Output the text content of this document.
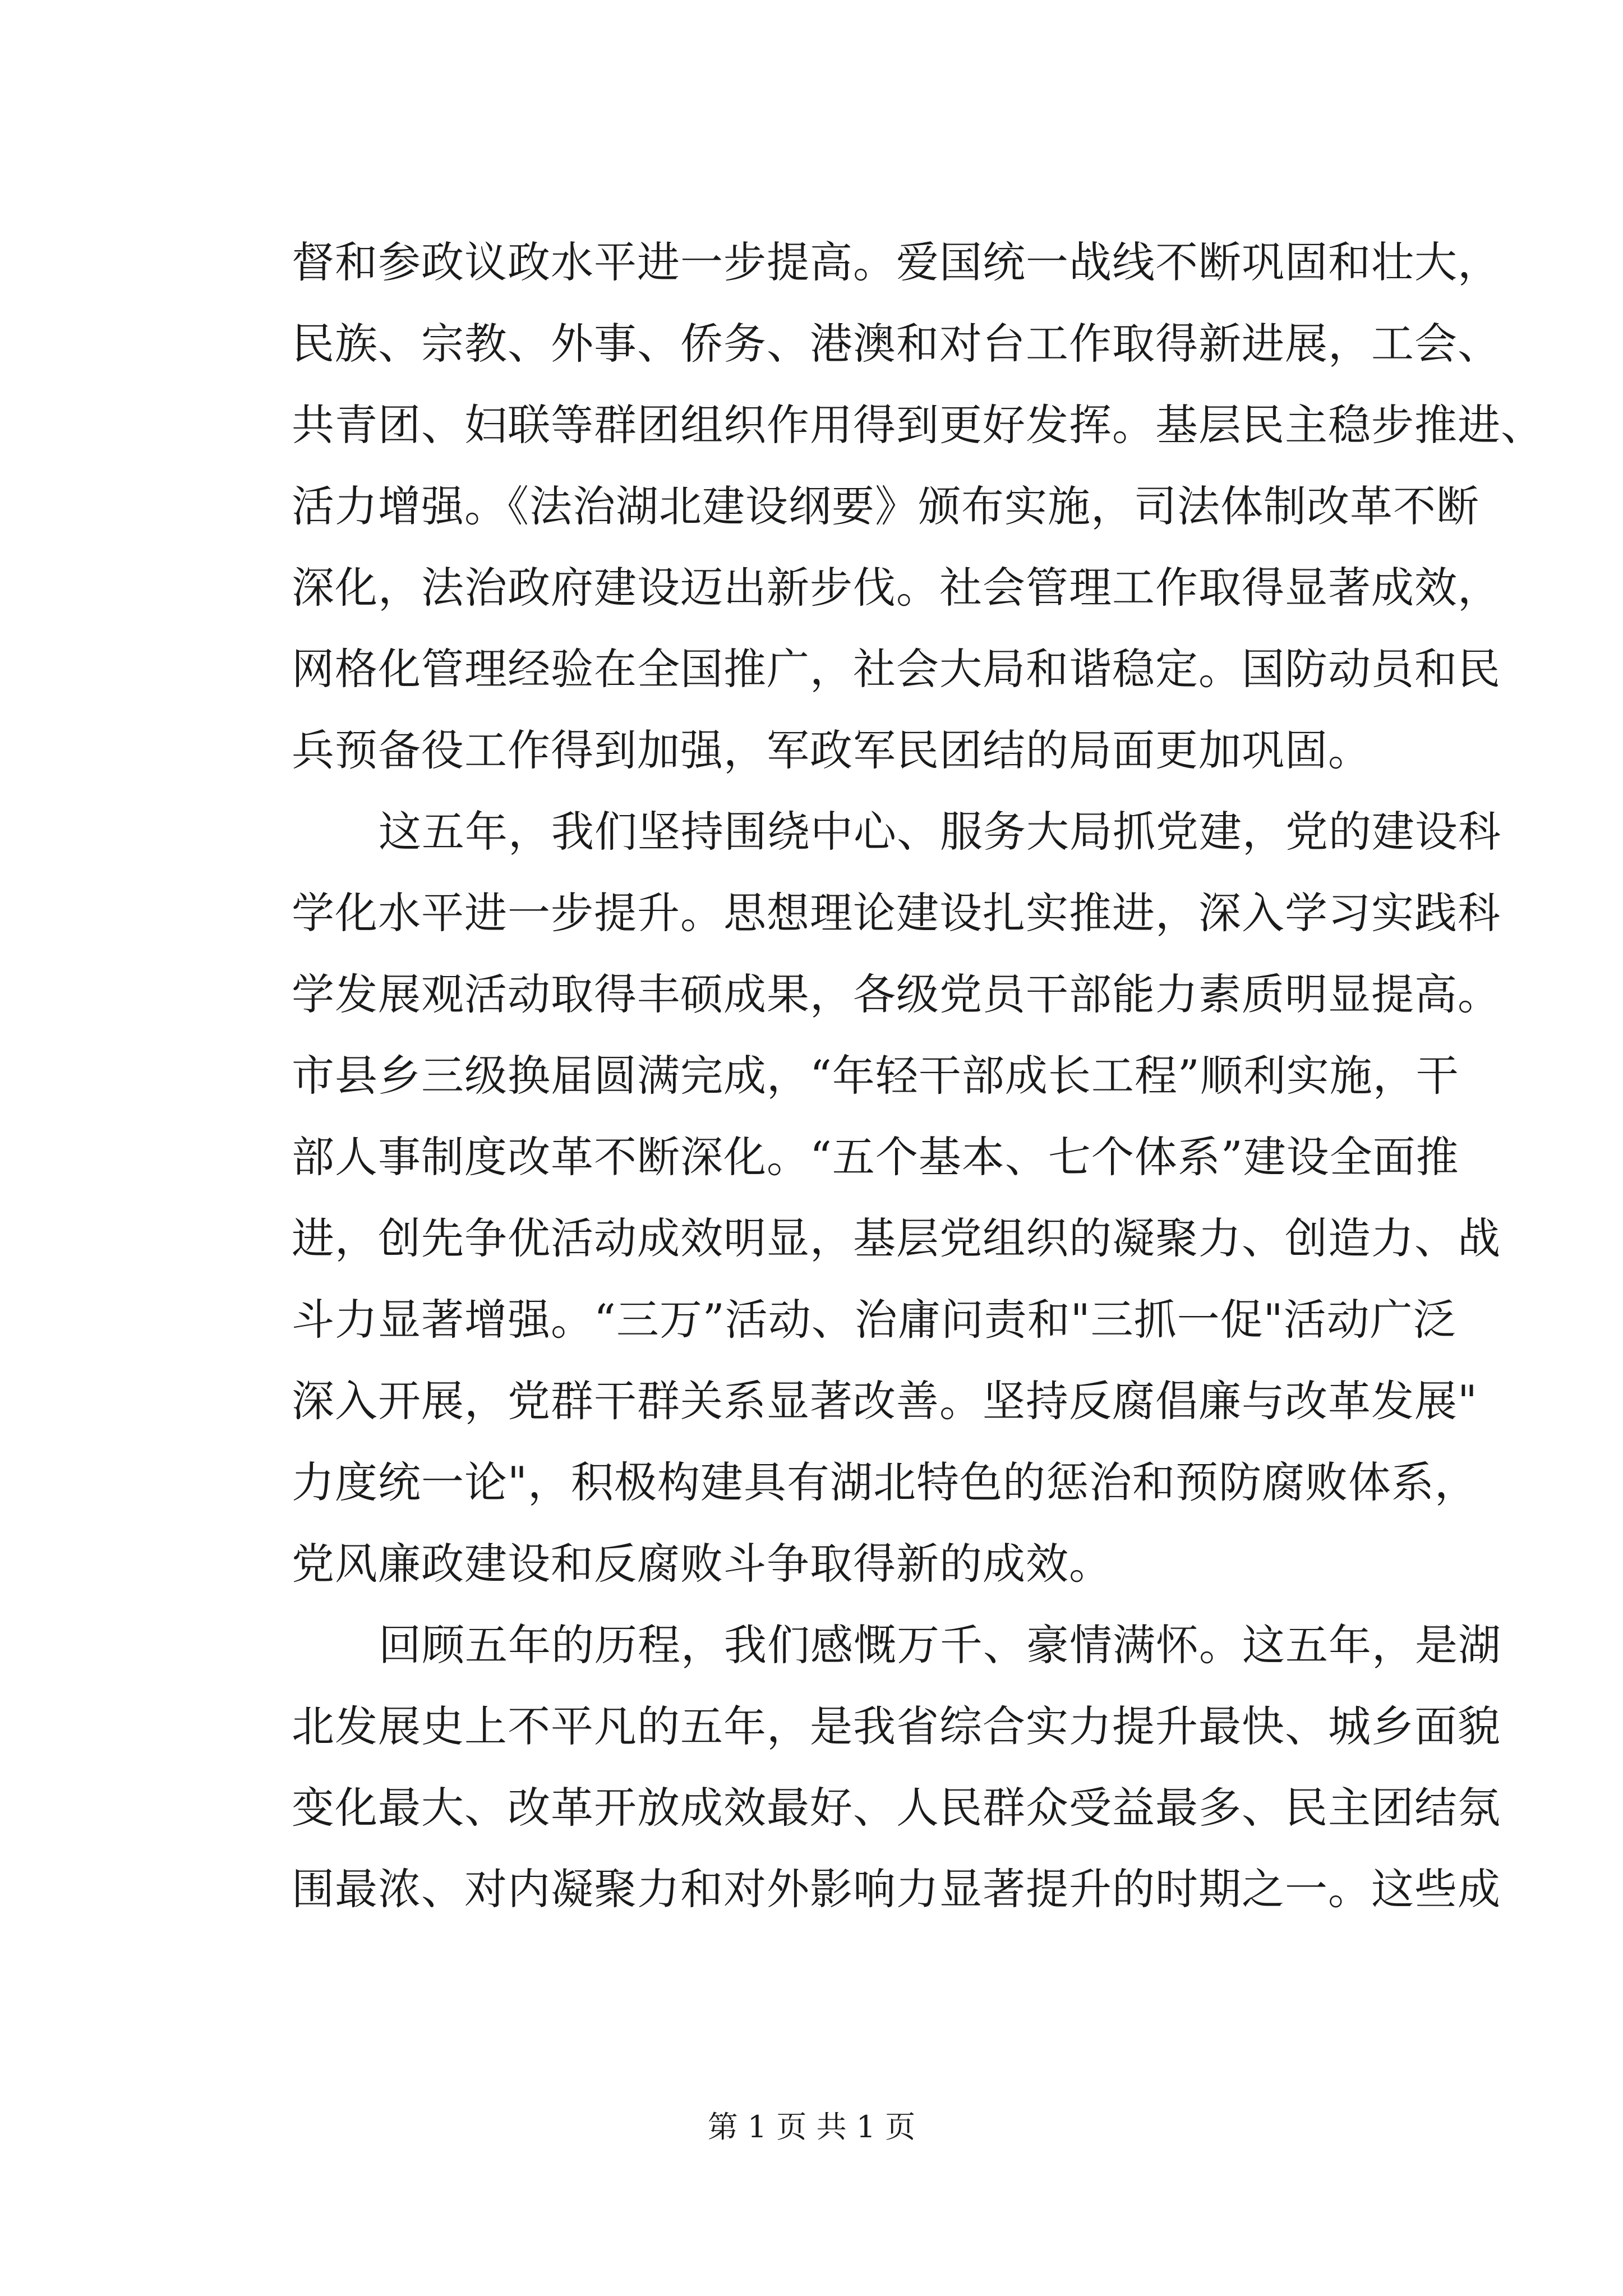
督和参政议政水平进一步提高。爱国统一战线不断巩固和壮大，
民族、宗教、外事、侨务、港澳和对台工作取得新进展，工会、
共青团、妇联等群团组织作用得到更好发挥。基层民主稳步推进、
活力增强。《法治湖北建设纲要》颁布实施，司法体制改革不断
深化，法治政府建设迈出新步伐。社会管理工作取得显著成效，
网格化管理经验在全国推广，社会大局和谐稳定。国防动员和民
兵预备役工作得到加强，军政军民团结的局面更加巩固。
这五年，我们坚持围绕中心、服务大局抓党建，党的建设科
学化水平进一步提升。思想理论建设扎实推进，深入学习实践科
学发展观活动取得丰硕成果，各级党员干部能力素质明显提高。
市县乡三级换届圆满完成，“年轻干部成长工程”顺利实施，干
部人事制度改革不断深化。“五个基本、七个体系”建设全面推
进，创先争优活动成效明显，基层党组织的凝聚力、创造力、战
斗力显著增强。“三万”活动、治庸问责和"三抓一促"活动广泛
深入开展，党群干群关系显著改善。坚持反腐倡廉与改革发展"
力度统一论"，积极构建具有湖北特色的惩治和预防腐败体系，
党风廉政建设和反腐败斗争取得新的成效。
回顾五年的历程，我们感慨万千、豪情满怀。这五年，是湖
北发展史上不平凡的五年，是我省综合实力提升最快、城乡面貌
变化最大、改革开放成效最好、人民群众受益最多、民主团结氛
围最浓、对内凝聚力和对外影响力显著提升的时期之一。这些成
第 1 页 共 1 页
